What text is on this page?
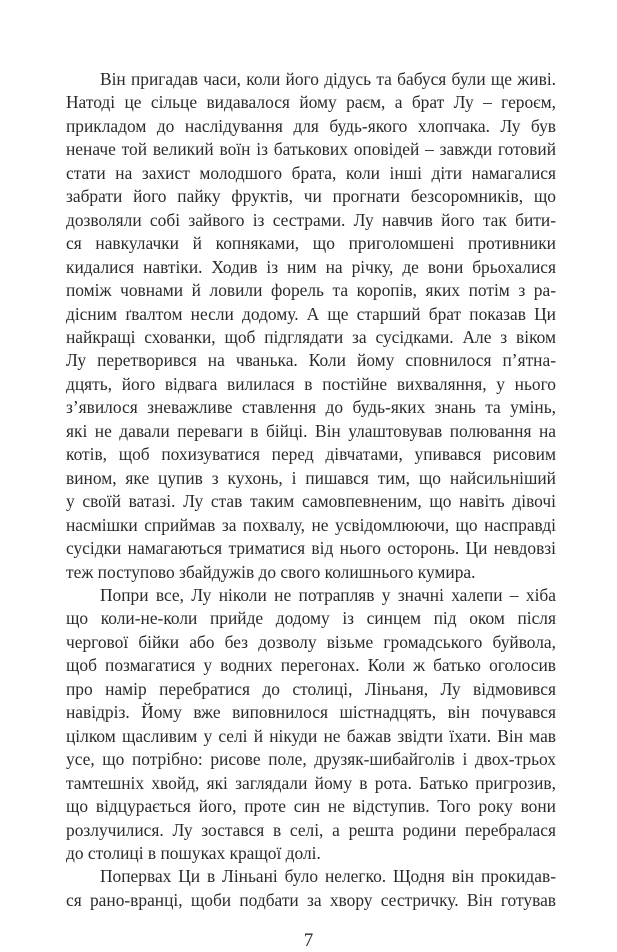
Він пригадав часи, коли його дідусь та бабуся були ще живі.
Натоді це сільце видавалося йому раєм, а брат Лу – героєм,
прикладом до наслідування для будь-якого хлопчака. Лу був
неначе той великий воїн із батькових оповідей – завжди готовий
стати на захист молодшого брата, коли інші діти намагалися
забрати його пайку фруктів, чи прогнати безсоромників, що
дозволяли собі зайвого із сестрами. Лу навчив його так бити-
ся навкулачки й копняками, що приголомшені противники
кидалися навтіки. Ходив із ним на річку, де вони брьохалися
поміж човнами й ловили форель та коропів, яких потім з ра-
дісним ґвалтом несли додому. А ще старший брат показав Ци
найкращі схованки, щоб підглядати за сусідками. Але з віком
Лу перетворився на чванька. Коли йому сповнилося п’ятна-
дцять, його відвага вилилася в постійне вихваляння, у нього
з’явилося зневажливе ставлення до будь-яких знань та умінь,
які не давали переваги в бійці. Він улаштовував полювання на
котів, щоб похизуватися перед дівчатами, упивався рисовим
вином, яке цупив з кухонь, і пишався тим, що найсильніший
у своїй ватазі. Лу став таким самовпевненим, що навіть дівочі
насмішки сприймав за похвалу, не усвідомлюючи, що насправді
сусідки намагаються триматися від нього осторонь. Ци невдовзі
теж поступово збайдужів до свого колишнього кумира.
Попри все, Лу ніколи не потрапляв у значні халепи – хіба
що коли-не-коли прийде додому із синцем під оком після
чергової бійки або без дозволу візьме громадського буйвола,
щоб позмагатися у водних перегонах. Коли ж батько оголосив
про намір перебратися до столиці, Ліньаня, Лу відмовився
навідріз. Йому вже виповнилося шістнадцять, він почувався
цілком щасливим у селі й нікуди не бажав звідти їхати. Він мав
усе, що потрібно: рисове поле, друзяк-шибайголів і двох-трьох
тамтешніх хвойд, які заглядали йому в рота. Батько пригрозив,
що відцурається його, проте син не відступив. Того року вони
розлучилися. Лу зостався в селі, а решта родини перебралася
до столиці в пошуках кращої долі.
Попервах Ци в Ліньані було нелегко. Щодня він прокидав-
ся рано-вранці, щоби подбати за хвору сестричку. Він готував
7
